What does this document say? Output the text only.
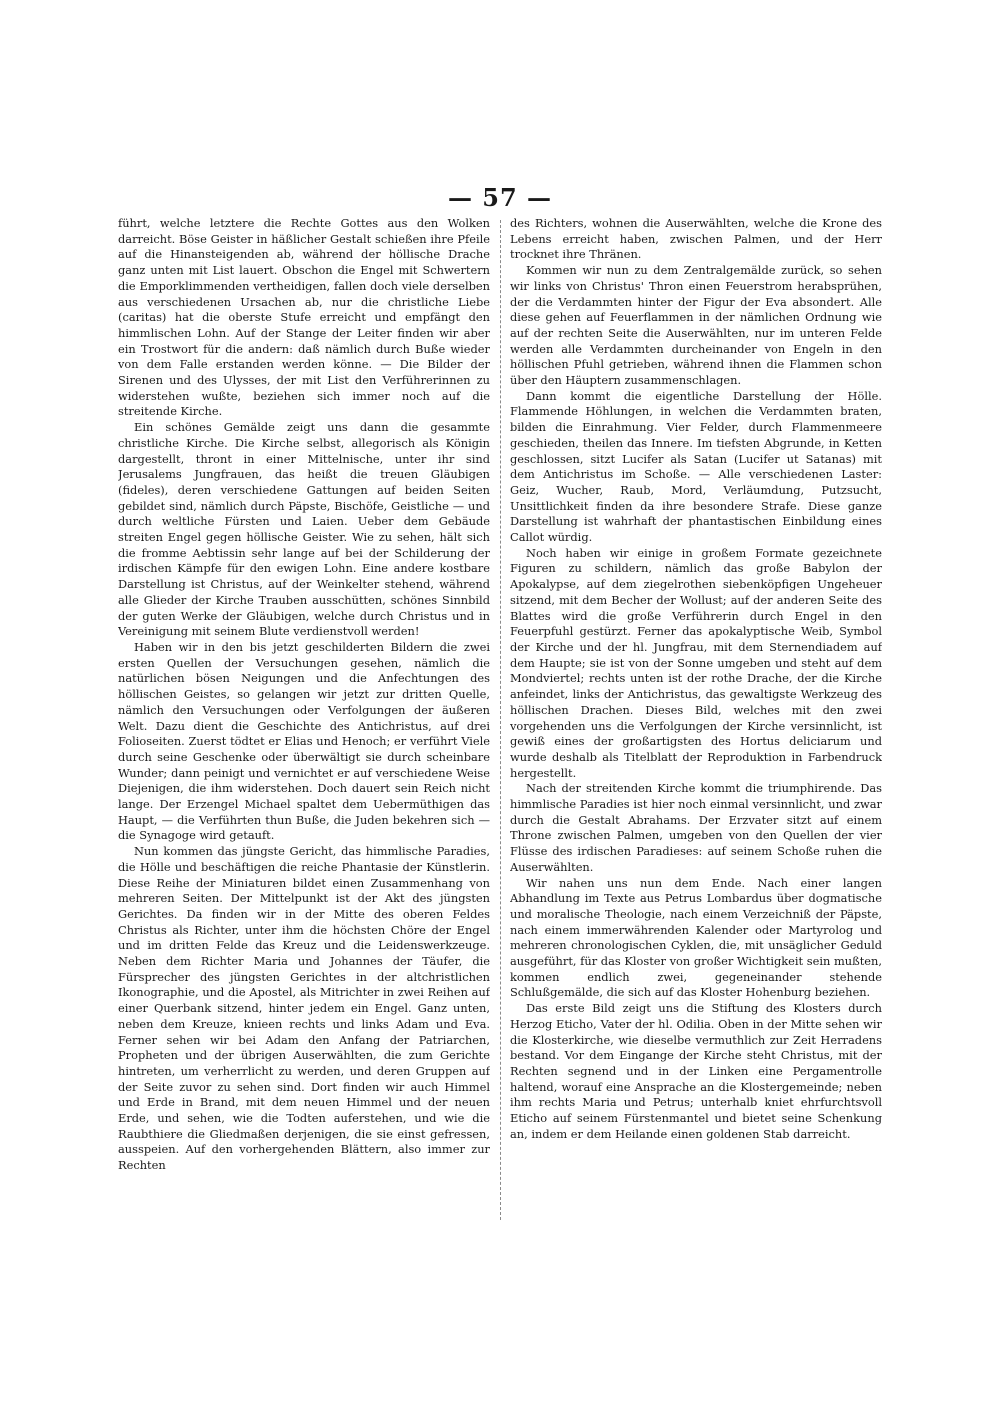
— 57 —

führt, welche letztere die Rechte Gottes aus den Wolken darreicht. Böse Geister in häßlicher Gestalt schießen ihre Pfeile auf die Hinansteigenden ab, während der höllische Drache ganz unten mit List lauert. Obschon die Engel mit Schwertern die Emporklimmenden vertheidigen, fallen doch viele derselben aus verschiedenen Ursachen ab, nur die christliche Liebe (caritas) hat die oberste Stufe erreicht und empfängt den himmlischen Lohn. Auf der Stange der Leiter finden wir aber ein Trostwort für die andern: daß nämlich durch Buße wieder von dem Falle erstanden werden könne. — Die Bilder der Sirenen und des Ulysses, der mit List den Verführerinnen zu widerstehen wußte, beziehen sich immer noch auf die streitende Kirche.

Ein schönes Gemälde zeigt uns dann die gesammte christliche Kirche. Die Kirche selbst, allegorisch als Königin dargestellt, thront in einer Mittelnische, unter ihr sind Jerusalems Jungfrauen, das heißt die treuen Gläubigen (fideles), deren verschiedene Gattungen auf beiden Seiten gebildet sind, nämlich durch Päpste, Bischöfe, Geistliche — und durch weltliche Fürsten und Laien. Ueber dem Gebäude streiten Engel gegen höllische Geister. Wie zu sehen, hält sich die fromme Aebtissin sehr lange auf bei der Schilderung der irdischen Kämpfe für den ewigen Lohn. Eine andere kostbare Darstellung ist Christus, auf der Weinkelter stehend, während alle Glieder der Kirche Trauben ausschütten, schönes Sinnbild der guten Werke der Gläubigen, welche durch Christus und in Vereinigung mit seinem Blute verdienstvoll werden!

Haben wir in den bis jetzt geschilderten Bildern die zwei ersten Quellen der Versuchungen gesehen, nämlich die natürlichen bösen Neigungen und die Anfechtungen des höllischen Geistes, so gelangen wir jetzt zur dritten Quelle, nämlich den Versuchungen oder Verfolgungen der äußeren Welt. Dazu dient die Geschichte des Antichristus, auf drei Folioseiten. Zuerst tödtet er Elias und Henoch; er verführt Viele durch seine Geschenke oder überwältigt sie durch scheinbare Wunder; dann peinigt und vernichtet er auf verschiedene Weise Diejenigen, die ihm widerstehen. Doch dauert sein Reich nicht lange. Der Erzengel Michael spaltet dem Uebermüthigen das Haupt, — die Verführten thun Buße, die Juden bekehren sich — die Synagoge wird getauft.

Nun kommen das jüngste Gericht, das himmlische Paradies, die Hölle und beschäftigen die reiche Phantasie der Künstlerin. Diese Reihe der Miniaturen bildet einen Zusammenhang von mehreren Seiten. Der Mittelpunkt ist der Akt des jüngsten Gerichtes. Da finden wir in der Mitte des oberen Feldes Christus als Richter, unter ihm die höchsten Chöre der Engel und im dritten Felde das Kreuz und die Leidenswerkzeuge. Neben dem Richter Maria und Johannes der Täufer, die Fürsprecher des jüngsten Gerichtes in der altchristlichen Ikonographie, und die Apostel, als Mitrichter in zwei Reihen auf einer Querbank sitzend, hinter jedem ein Engel. Ganz unten, neben dem Kreuze, knieen rechts und links Adam und Eva. Ferner sehen wir bei Adam den Anfang der Patriarchen, Propheten und der übrigen Auserwählten, die zum Gerichte hintreten, um verherrlicht zu werden, und deren Gruppen auf der Seite zuvor zu sehen sind. Dort finden wir auch Himmel und Erde in Brand, mit dem neuen Himmel und der neuen Erde, und sehen, wie die Todten auferstehen, und wie die Raubthiere die Gliedmaßen derjenigen, die sie einst gefressen, ausspeien. Auf den vorhergehenden Blättern, also immer zur Rechten

des Richters, wohnen die Auserwählten, welche die Krone des Lebens erreicht haben, zwischen Palmen, und der Herr trocknet ihre Thränen.

Kommen wir nun zu dem Zentralgemälde zurück, so sehen wir links von Christus' Thron einen Feuerstrom herabsprühen, der die Verdammten hinter der Figur der Eva absondert. Alle diese gehen auf Feuerflammen in der nämlichen Ordnung wie auf der rechten Seite die Auserwählten, nur im unteren Felde werden alle Verdammten durcheinander von Engeln in den höllischen Pfuhl getrieben, während ihnen die Flammen schon über den Häuptern zusammenschlagen.

Dann kommt die eigentliche Darstellung der Hölle. Flammende Höhlungen, in welchen die Verdammten braten, bilden die Einrahmung. Vier Felder, durch Flammenmeere geschieden, theilen das Innere. Im tiefsten Abgrunde, in Ketten geschlossen, sitzt Lucifer als Satan (Lucifer ut Satanas) mit dem Antichristus im Schoße. — Alle verschiedenen Laster: Geiz, Wucher, Raub, Mord, Verläumdung, Putzsucht, Unsittlichkeit finden da ihre besondere Strafe. Diese ganze Darstellung ist wahrhaft der phantastischen Einbildung eines Callot würdig.

Noch haben wir einige in großem Formate gezeichnete Figuren zu schildern, nämlich das große Babylon der Apokalypse, auf dem ziegelrothen siebenköpfigen Ungeheuer sitzend, mit dem Becher der Wollust; auf der anderen Seite des Blattes wird die große Verführerin durch Engel in den Feuerpfuhl gestürzt. Ferner das apokalyptische Weib, Symbol der Kirche und der hl. Jungfrau, mit dem Sternendiadem auf dem Haupte; sie ist von der Sonne umgeben und steht auf dem Mondviertel; rechts unten ist der rothe Drache, der die Kirche anfeindet, links der Antichristus, das gewaltigste Werkzeug des höllischen Drachen. Dieses Bild, welches mit den zwei vorgehenden uns die Verfolgungen der Kirche versinnlicht, ist gewiß eines der großartigsten des Hortus deliciarum und wurde deshalb als Titelblatt der Reproduktion in Farbendruck hergestellt.

Nach der streitenden Kirche kommt die triumphirende. Das himmlische Paradies ist hier noch einmal versinnlicht, und zwar durch die Gestalt Abrahams. Der Erzvater sitzt auf einem Throne zwischen Palmen, umgeben von den Quellen der vier Flüsse des irdischen Paradieses: auf seinem Schoße ruhen die Auserwählten.

Wir nahen uns nun dem Ende. Nach einer langen Abhandlung im Texte aus Petrus Lombardus über dogmatische und moralische Theologie, nach einem Verzeichniß der Päpste, nach einem immerwährenden Kalender oder Martyrolog und mehreren chronologischen Cyklen, die, mit unsäglicher Geduld ausgeführt, für das Kloster von großer Wichtigkeit sein mußten, kommen endlich zwei, gegeneinander stehende Schlußgemälde, die sich auf das Kloster Hohenburg beziehen.

Das erste Bild zeigt uns die Stiftung des Klosters durch Herzog Eticho, Vater der hl. Odilia. Oben in der Mitte sehen wir die Klosterkirche, wie dieselbe vermuthlich zur Zeit Herradens bestand. Vor dem Eingange der Kirche steht Christus, mit der Rechten segnend und in der Linken eine Pergamentrolle haltend, worauf eine Ansprache an die Klostergemeinde; neben ihm rechts Maria und Petrus; unterhalb kniet ehrfurchtsvoll Eticho auf seinem Fürstenmantel und bietet seine Schenkung an, indem er dem Heilande einen goldenen Stab darreicht.
